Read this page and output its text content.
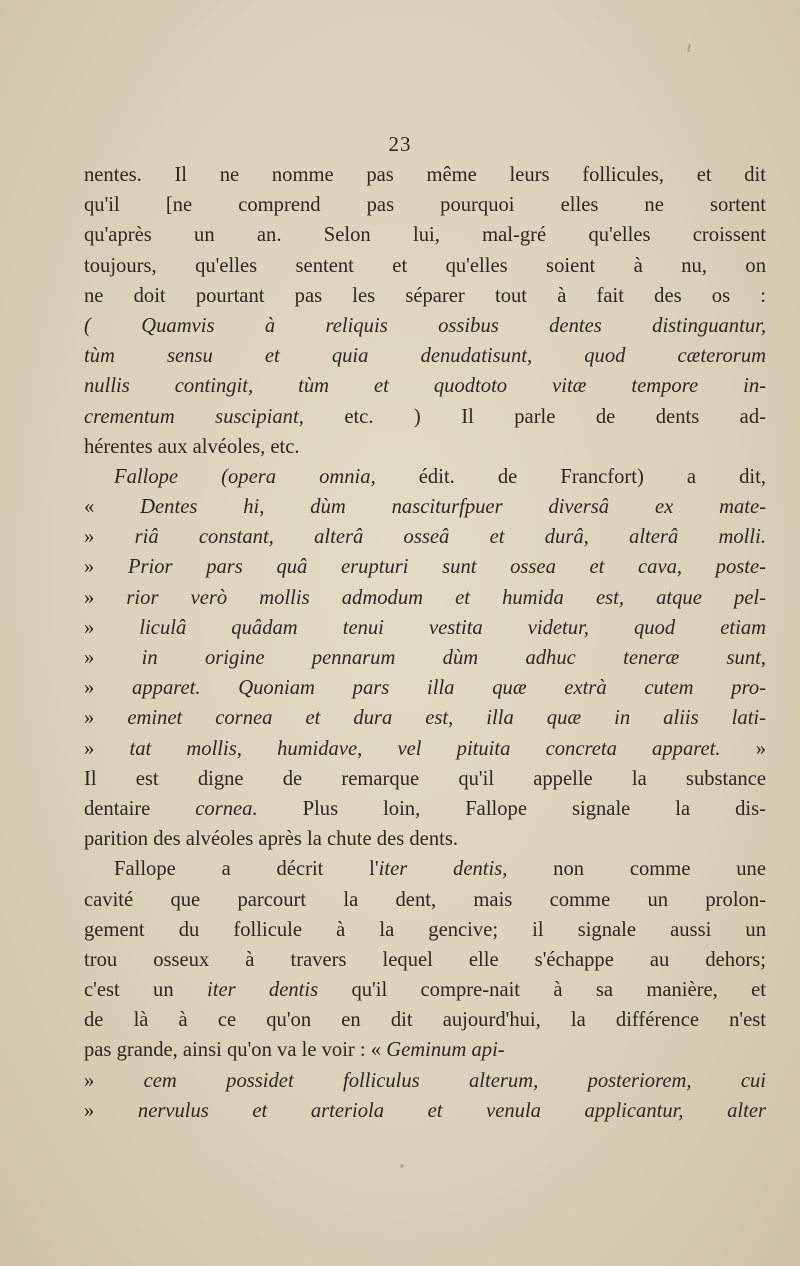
23
nentes. Il ne nomme pas même leurs follicules, et dit
qu'il [ne comprend pas pourquoi elles ne sortent
qu'après un an. Selon lui, mal-gré qu'elles croissent
toujours, qu'elles sentent et qu'elles soient à nu, on
ne doit pourtant pas les séparer tout à fait des os :
( Quamvis à reliquis ossibus dentes distinguantur,
tùm sensu et quia denudatisunt, quod cæterorum
nullis contingit, tùm et quodtoto vitæ tempore in-
crementum suscipiant, etc. ) Il parle de dents ad-
hérentes aux alvéoles, etc.
Fallope (opera omnia, édit. de Francfort) a dit,
« Dentes hi, dùm nasciturfpuer diversâ ex mate-
» riâ constant, alterâ osseâ et durâ, alterâ molli.
» Prior pars quâ erupturi sunt ossea et cava, poste-
» rior verò mollis admodum et humida est, atque pel-
» liculâ quâdam tenui vestita videtur, quod etiam
» in origine pennarum dùm adhuc teneræ sunt,
» apparet. Quoniam pars illa quæ extrà cutem pro-
» eminet cornea et dura est, illa quæ in aliis lati-
» tat mollis, humidave, vel pituita concreta apparet. »
Il est digne de remarque qu'il appelle la substance
dentaire cornea. Plus loin, Fallope signale la dis-
parition des alvéoles après la chute des dents.
Fallope a décrit l'iter dentis, non comme une
cavité que parcourt la dent, mais comme un prolon-
gement du follicule à la gencive; il signale aussi un
trou osseux à travers lequel elle s'échappe au dehors;
c'est un iter dentis qu'il compre-nait à sa manière, et
de là à ce qu'on en dit aujourd'hui, la différence n'est
pas grande, ainsi qu'on va le voir : « Geminum api-
» cem possidet folliculus alterum, posteriorem, cui
» nervulus et arteriola et venula applicantur, alter
